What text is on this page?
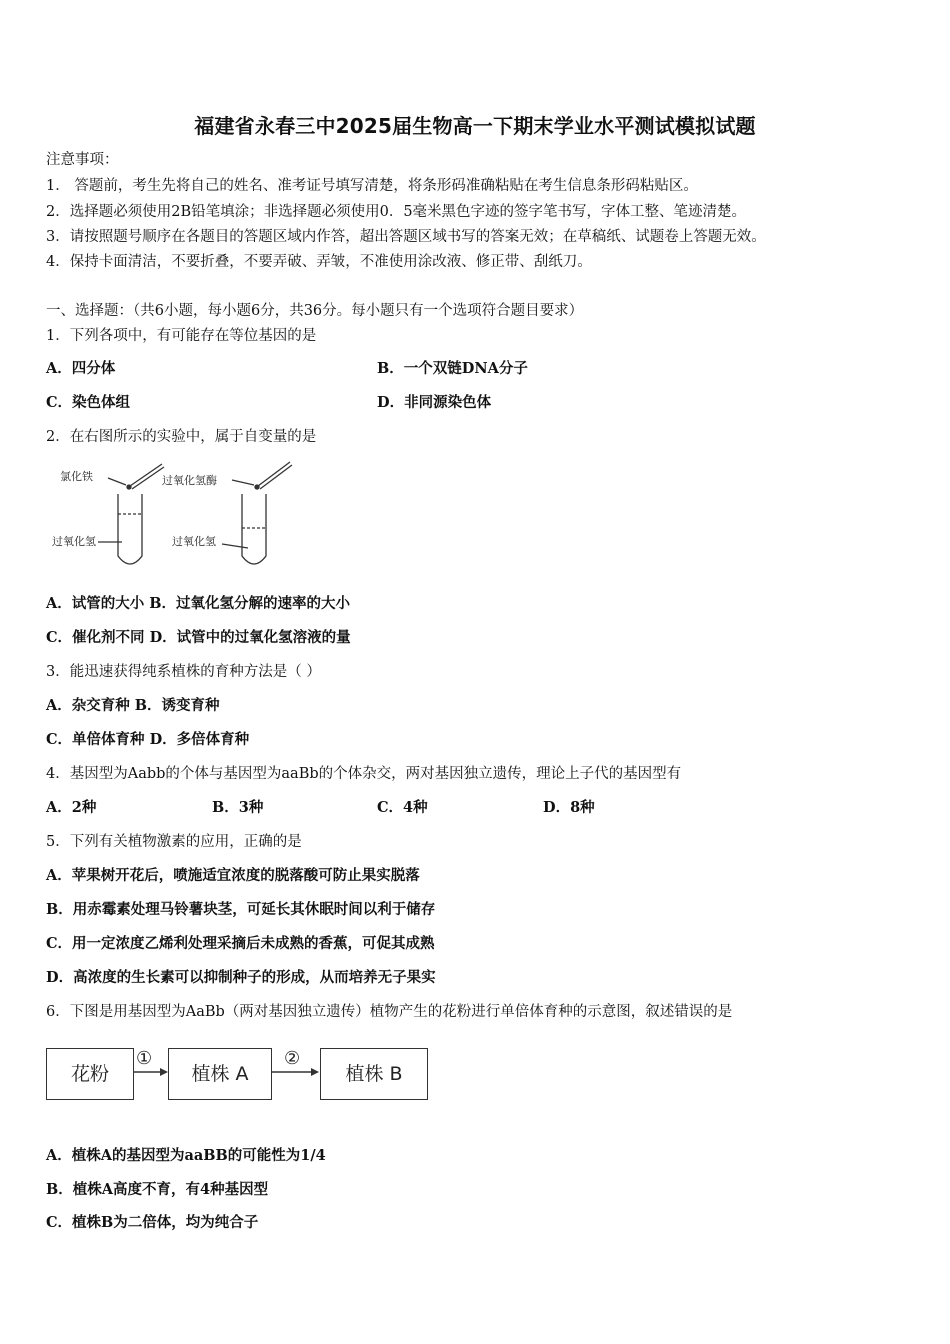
福建省永春三中2025届生物高一下期末学业水平测试模拟试题
注意事项：
1． 答题前，考生先将自己的姓名、准考证号填写清楚，将条形码准确粘贴在考生信息条形码粘贴区。
2．选择题必须使用2B铅笔填涂；非选择题必须使用0．5毫米黑色字迹的签字笔书写，字体工整、笔迹清楚。
3．请按照题号顺序在各题目的答题区域内作答，超出答题区域书写的答案无效；在草稿纸、试题卷上答题无效。
4．保持卡面清洁，不要折叠，不要弄破、弄皱，不准使用涂改液、修正带、刮纸刀。
一、选择题：（共6小题，每小题6分，共36分。每小题只有一个选项符合题目要求）
1．下列各项中，有可能存在等位基因的是
A．四分体	B．一个双链DNA分子
C．染色体组	D．非同源染色体
2．在右图所示的实验中，属于自变量的是
氯化铁
过氧化氢
过氧化氢酶
过氧化氢
A．试管的大小 B．过氧化氢分解的速率的大小
C．催化剂不同 D．试管中的过氧化氢溶液的量
3．能迅速获得纯系植株的育种方法是（ ）
A．杂交育种 B．诱变育种
C．单倍体育种 D．多倍体育种
4．基因型为Aabb的个体与基因型为aaBb的个体杂交，两对基因独立遗传，理论上子代的基因型有
A．2种	B．3种	C．4种	D．8种
5．下列有关植物激素的应用，正确的是
A．苹果树开花后，喷施适宜浓度的脱落酸可防止果实脱落
B．用赤霉素处理马铃薯块茎，可延长其休眠时间以利于储存
C．用一定浓度乙烯利处理采摘后未成熟的香蕉，可促其成熟
D．高浓度的生长素可以抑制种子的形成，从而培养无子果实
6．下图是用基因型为AaBb（两对基因独立遗传）植物产生的花粉进行单倍体育种的示意图，叙述错误的是
花粉	植株 A	植株 B
①	②
A．植株A的基因型为aaBB的可能性为1/4
B．植株A高度不育，有4种基因型
C．植株B为二倍体，均为纯合子
